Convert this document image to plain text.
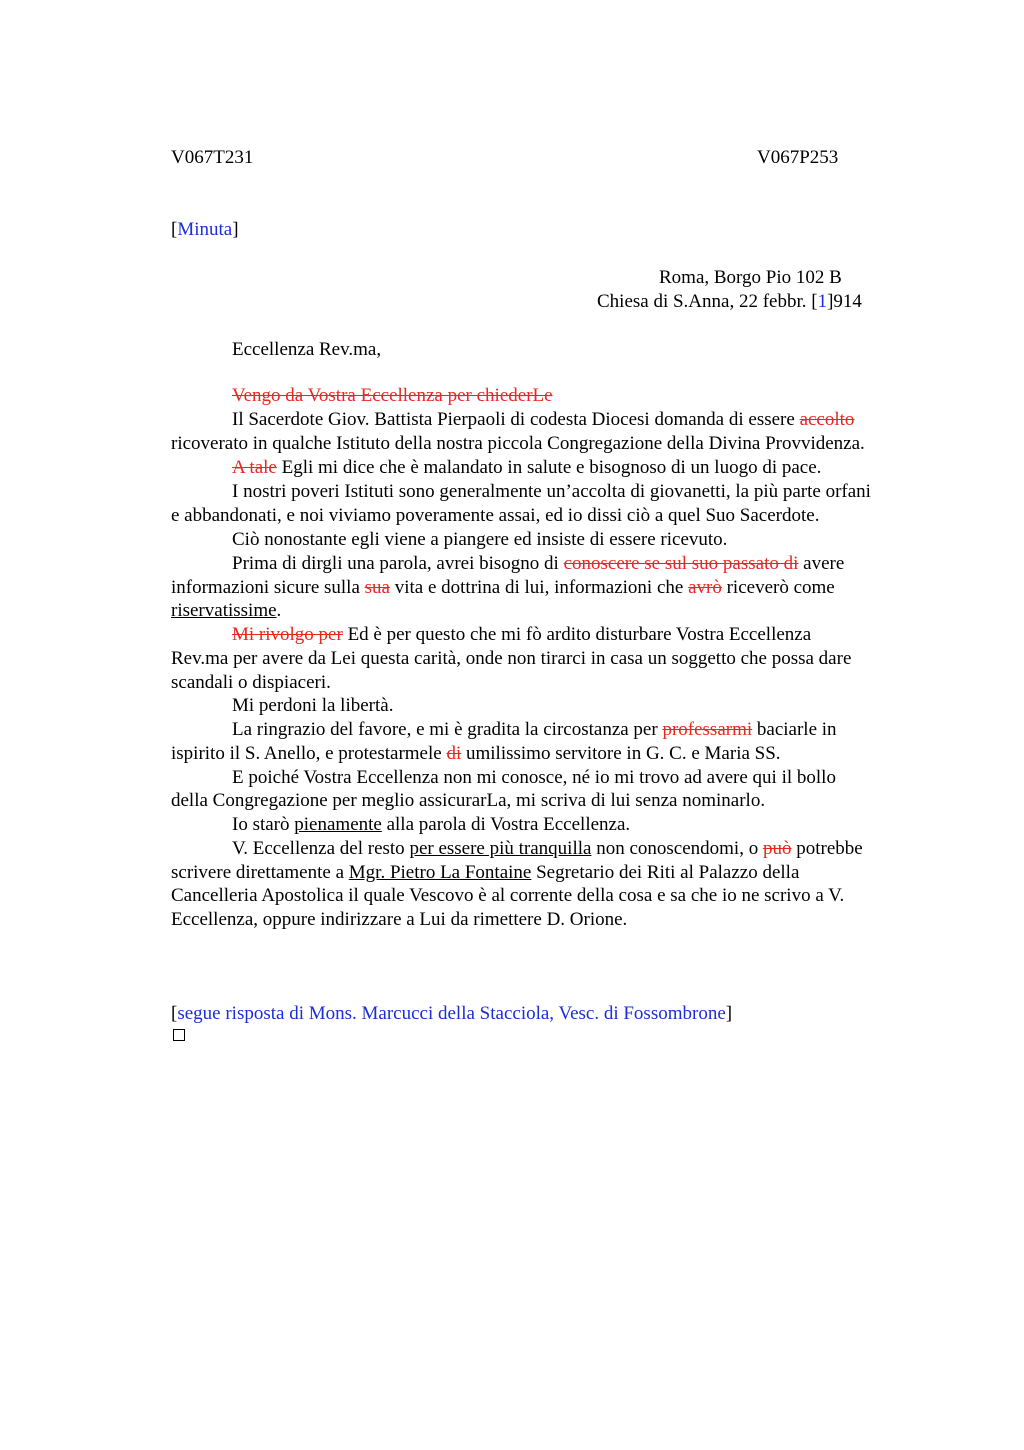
V067T231	V067P253

[Minuta]

Roma, Borgo Pio 102 B

Chiesa di S.Anna, 22 febbr. [1]914

Eccellenza Rev.ma,

Vengo da Vostra Eccellenza per chiederLe

Il Sacerdote Giov. Battista Pierpaoli di codesta Diocesi domanda di essere accolto

ricoverato in qualche Istituto della nostra piccola Congregazione della Divina Provvidenza.

A tale Egli mi dice che è malandato in salute e bisognoso di un luogo di pace.

I nostri poveri Istituti sono generalmente un’accolta di giovanetti, la più parte orfani

e abbandonati, e noi viviamo poveramente assai, ed io dissi ciò a quel Suo Sacerdote.

Ciò nonostante egli viene a piangere ed insiste di essere ricevuto.

Prima di dirgli una parola, avrei bisogno di conoscere se sul suo passato di avere

informazioni sicure sulla sua vita e dottrina di lui, informazioni che avrò riceverò come

riservatissime.

Mi rivolgo per Ed è per questo che mi fò ardito disturbare Vostra Eccellenza

Rev.ma per avere da Lei questa carità, onde non tirarci in casa un soggetto che possa dare

scandali o dispiaceri.

Mi perdoni la libertà.

La ringrazio del favore, e mi è gradita la circostanza per professarmi baciarle in

ispirito il S. Anello, e protestarmele di umilissimo servitore in G. C. e Maria SS.

E poiché Vostra Eccellenza non mi conosce, né io mi trovo ad avere qui il bollo

della Congregazione per meglio assicurarLa, mi scriva di lui senza nominarlo.

Io starò pienamente alla parola di Vostra Eccellenza.

V. Eccellenza del resto per essere più tranquilla non conoscendomi, o può potrebbe

scrivere direttamente a Mgr. Pietro La Fontaine Segretario dei Riti al Palazzo della

Cancelleria Apostolica il quale Vescovo è al corrente della cosa e sa che io ne scrivo a V.

Eccellenza, oppure indirizzare a Lui da rimettere D. Orione.

[segue risposta di Mons. Marcucci della Stacciola, Vesc. di Fossombrone]
